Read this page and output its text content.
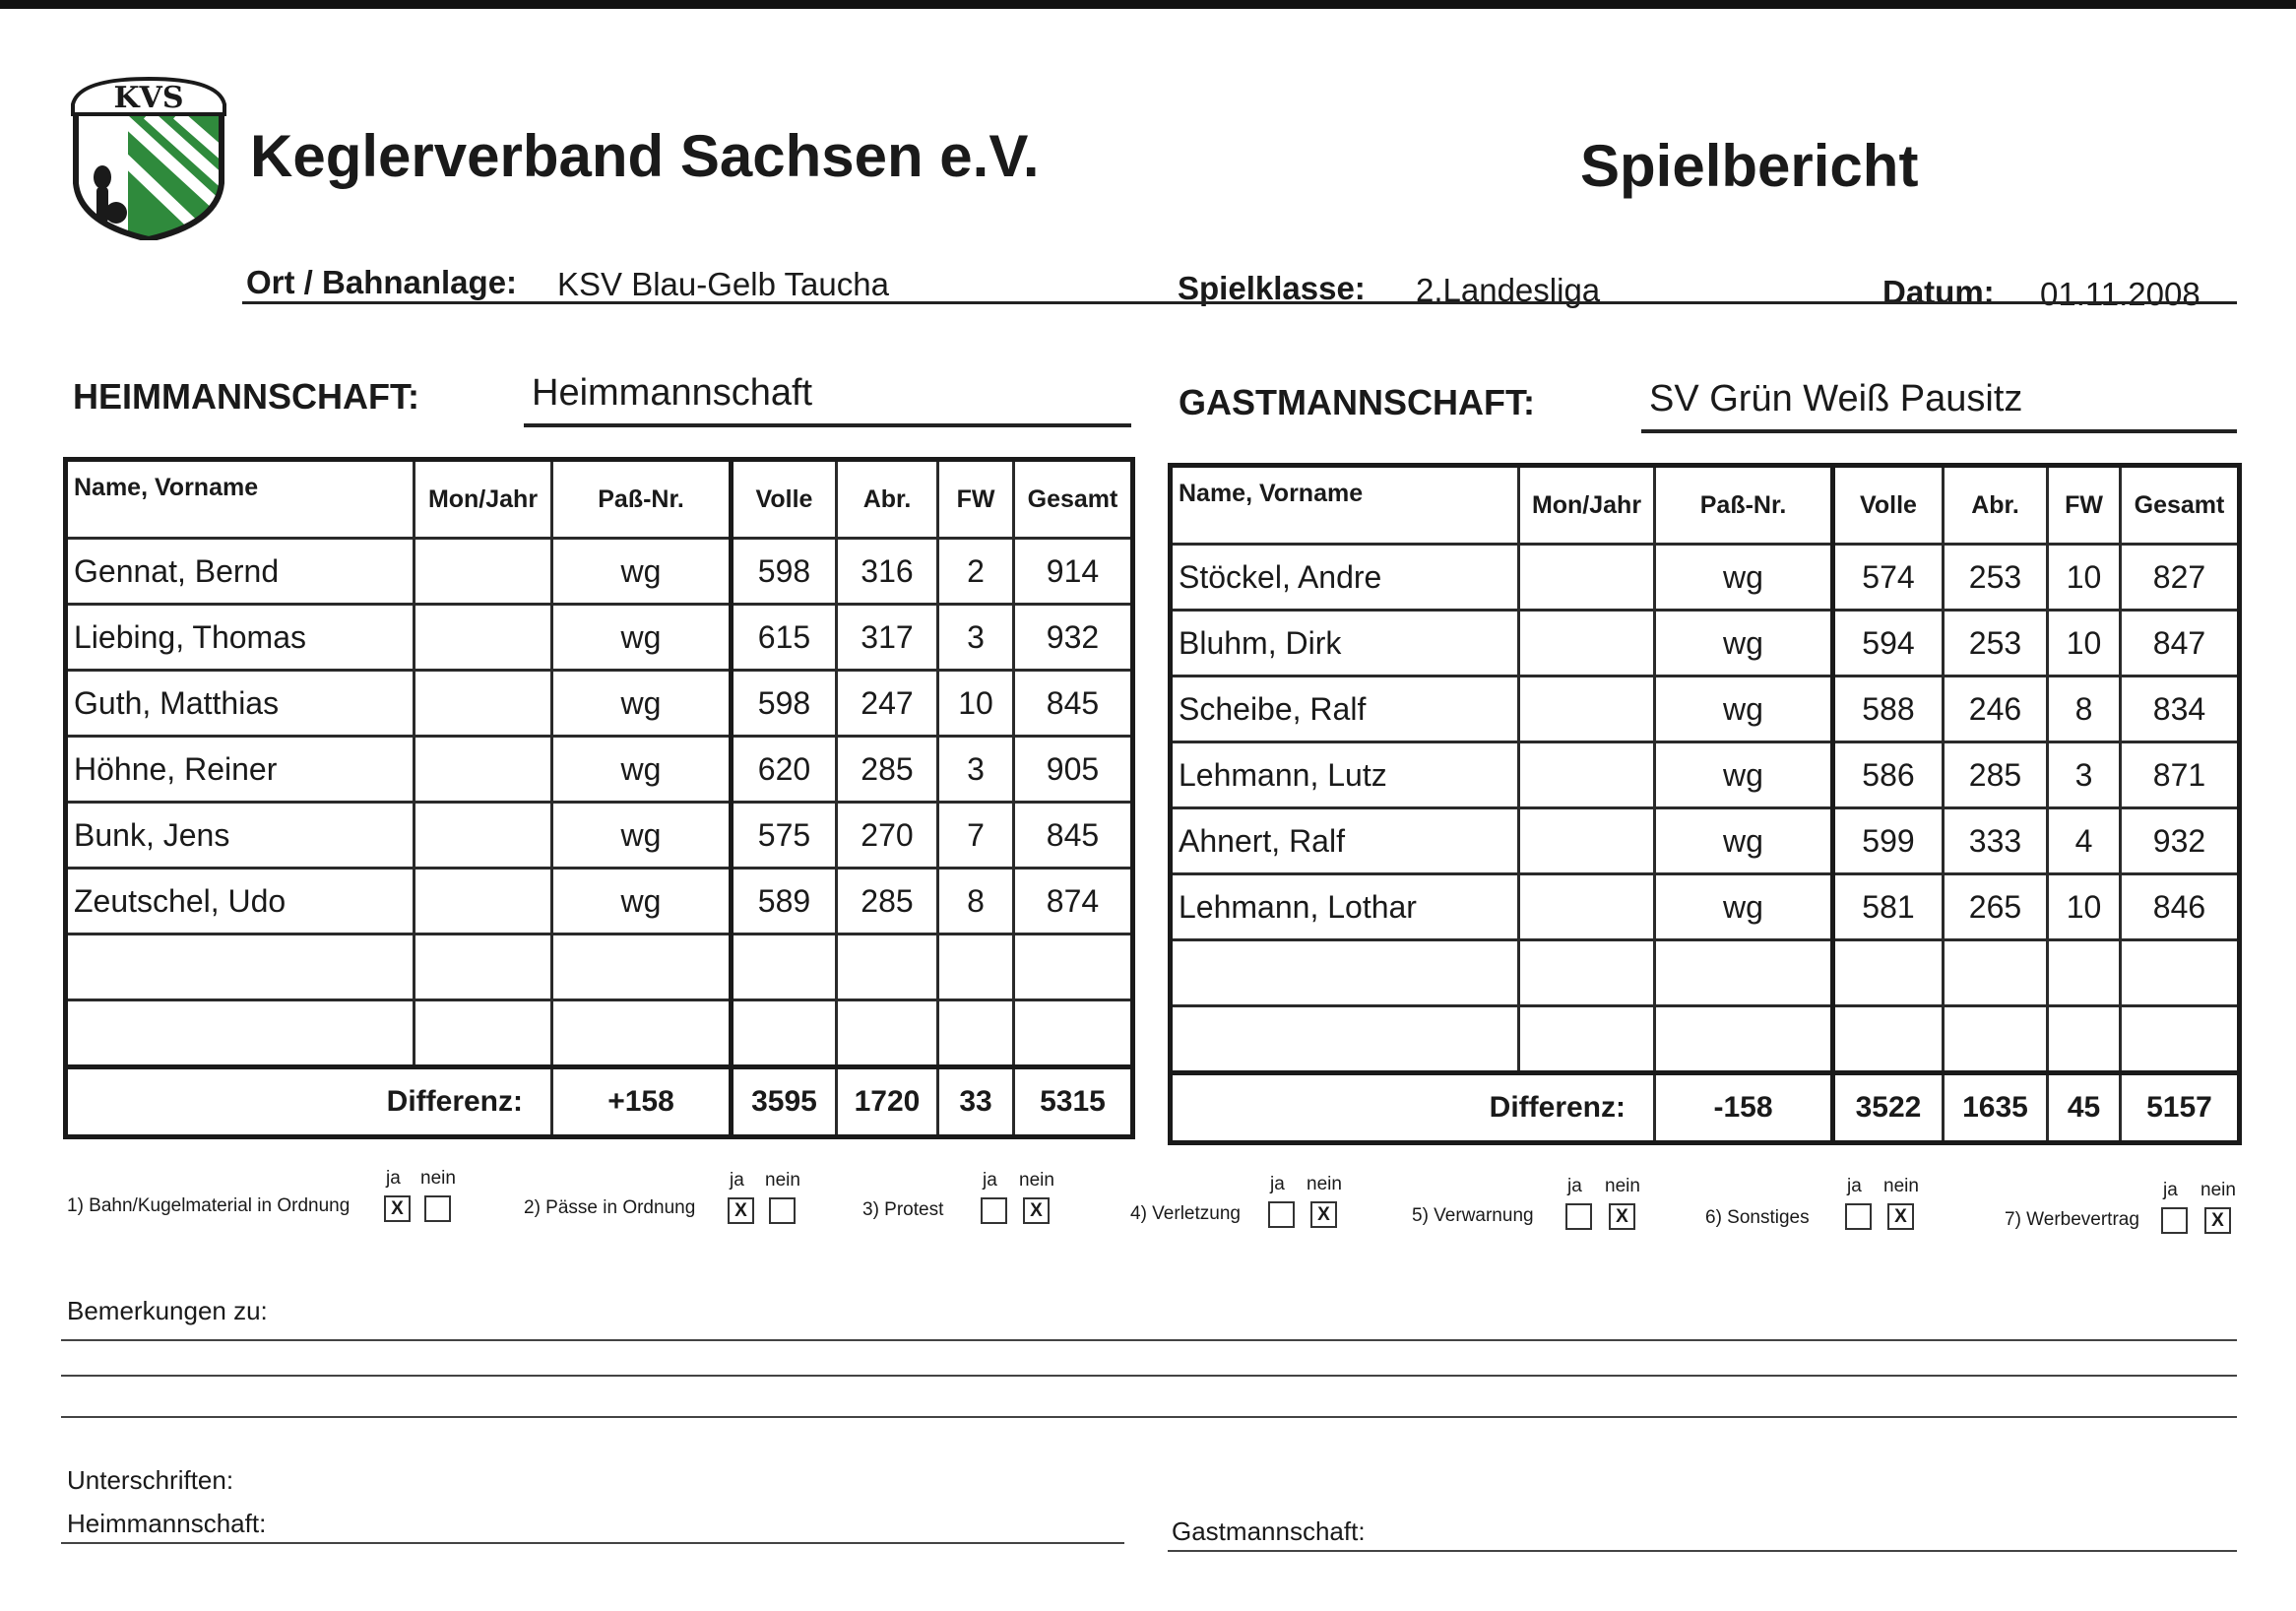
KVS
Keglerverband Sachsen e.V.	Spielbericht
Ort / Bahnanlage: KSV Blau-Gelb Taucha	Spielklasse: 2.Landesliga	Datum: 01.11.2008
HEIMMANNSCHAFT:	Heimmannschaft	GASTMANNSCHAFT:	SV Grün Weiß Pausitz
Name, Vorname	Mon/Jahr	Paß-Nr.	Volle	Abr.	FW	Gesamt
Gennat, Bernd		wg	598	316	2	914
Liebing, Thomas		wg	615	317	3	932
Guth, Matthias		wg	598	247	10	845
Höhne, Reiner		wg	620	285	3	905
Bunk, Jens		wg	575	270	7	845
Zeutschel, Udo		wg	589	285	8	874

Differenz:		+158	3595	1720	33	5315
Name, Vorname	Mon/Jahr	Paß-Nr.	Volle	Abr.	FW	Gesamt
Stöckel, Andre		wg	574	253	10	827
Bluhm, Dirk		wg	594	253	10	847
Scheibe, Ralf		wg	588	246	8	834
Lehmann, Lutz		wg	586	285	3	871
Ahnert, Ralf		wg	599	333	4	932
Lehmann, Lothar		wg	581	265	10	846

Differenz:		-158	3522	1635	45	5157
1) Bahn/Kugelmaterial in Ordnung
ja
X
nein
2) Pässe in Ordnung
ja
X
nein
3) Protest
ja nein
X	4) Verletzung
ja nein
X	5) Verwarnung
ja nein
X	6) Sonstiges
ja nein
X	7) Werbevertrag
ja nein
X
Bemerkungen zu:
Unterschriften:
Heimmannschaft:	Gastmannschaft:
